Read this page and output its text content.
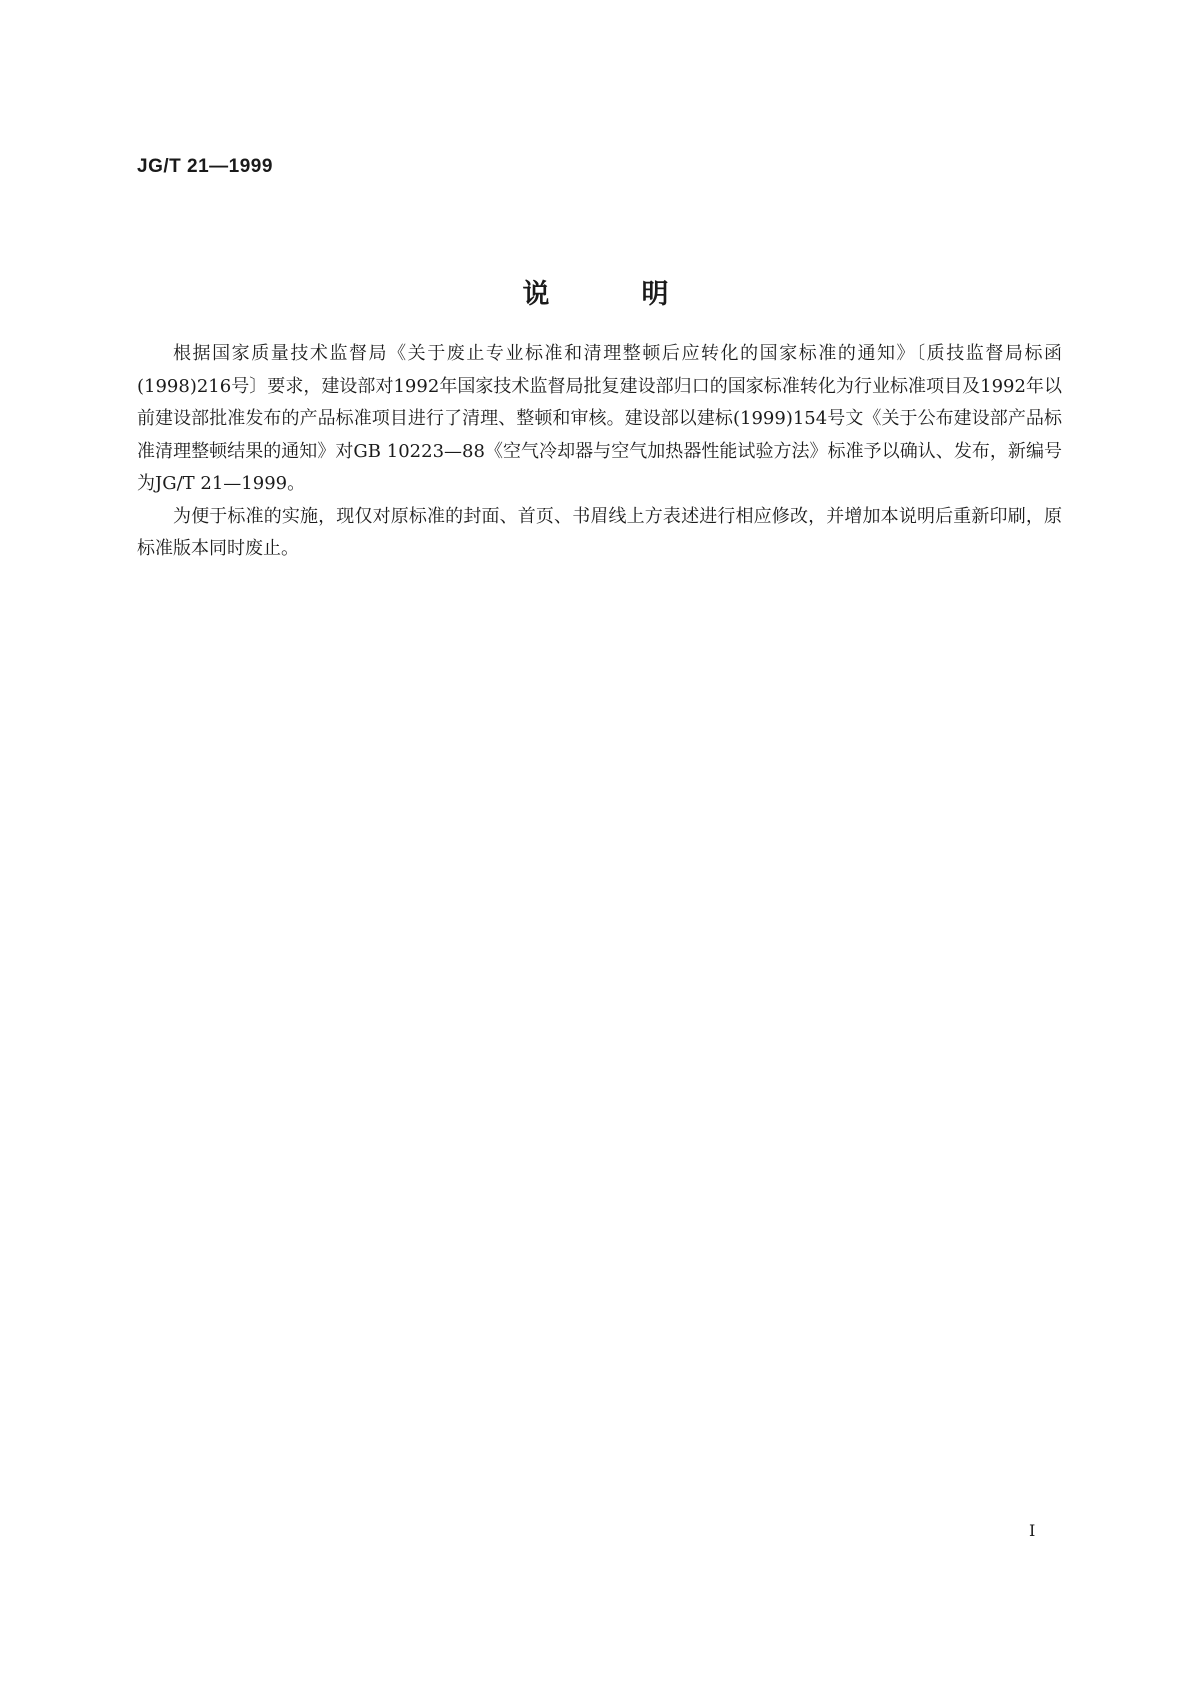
JG/T 21—1999
说	明

根据国家质量技术监督局《关于废止专业标准和清理整顿后应转化的国家标准的通知》〔质技监督局标函(1998)216号〕要求，建设部对1992年国家技术监督局批复建设部归口的国家标准转化为行业标准项目及1992年以前建设部批准发布的产品标准项目进行了清理、整顿和审核。建设部以建标(1999)154号文《关于公布建设部产品标准清理整顿结果的通知》对GB 10223—88《空气冷却器与空气加热器性能试验方法》标准予以确认、发布，新编号为JG/T 21—1999。

为便于标准的实施，现仅对原标准的封面、首页、书眉线上方表述进行相应修改，并增加本说明后重新印刷，原标准版本同时废止。

I
